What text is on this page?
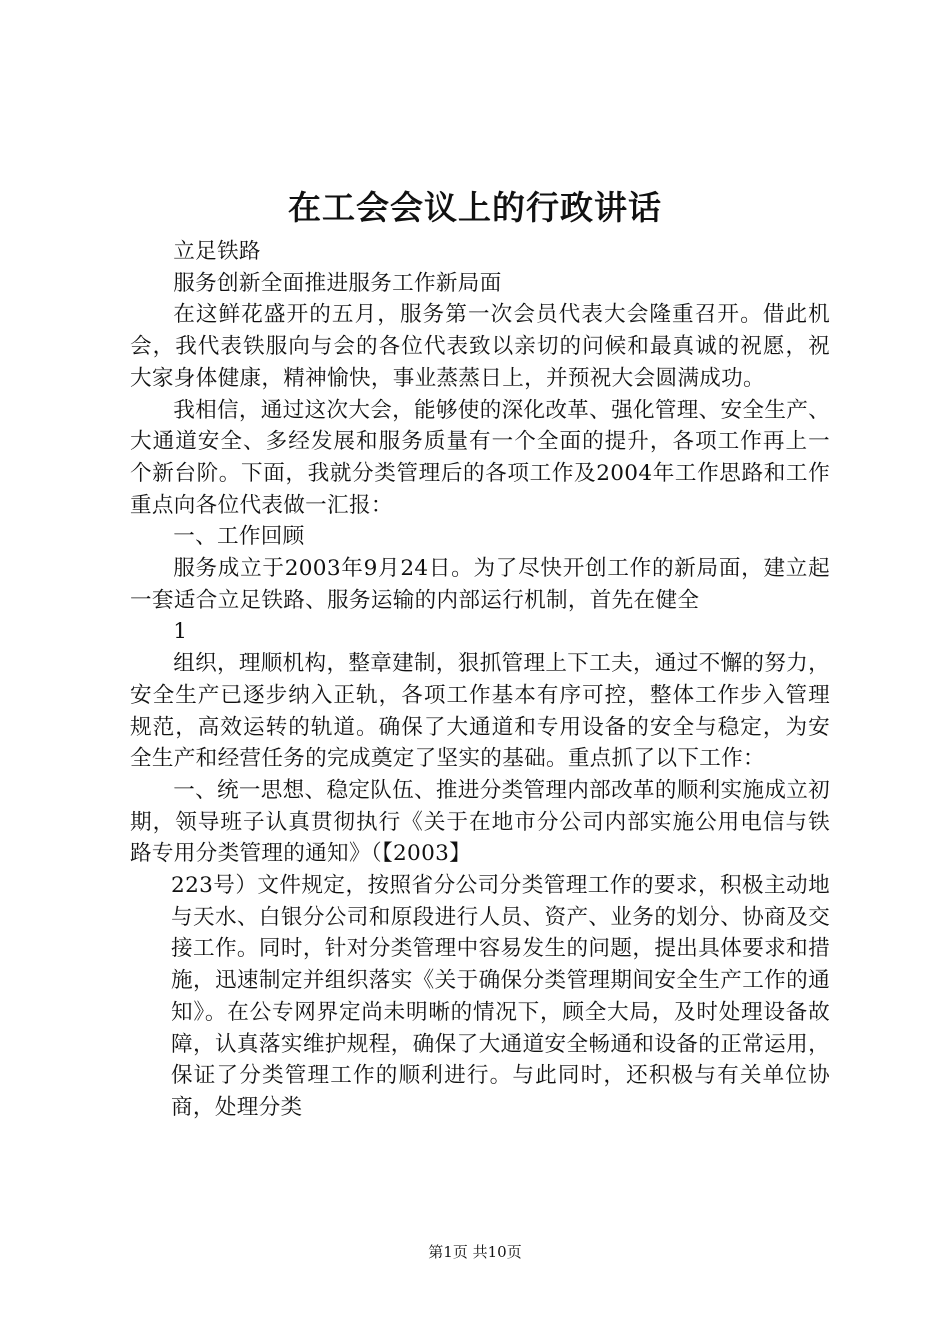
在工会会议上的行政讲话

立足铁路

服务创新全面推进服务工作新局面

在这鲜花盛开的五月，服务第一次会员代表大会隆重召开。借此机会，我代表铁服向与会的各位代表致以亲切的问候和最真诚的祝愿，祝大家身体健康，精神愉快，事业蒸蒸日上，并预祝大会圆满成功。

我相信，通过这次大会，能够使的深化改革、强化管理、安全生产、大通道安全、多经发展和服务质量有一个全面的提升，各项工作再上一个新台阶。下面，我就分类管理后的各项工作及2004年工作思路和工作重点向各位代表做一汇报：

一、工作回顾

服务成立于2003年9月24日。为了尽快开创工作的新局面，建立起一套适合立足铁路、服务运输的内部运行机制，首先在健全

1

组织，理顺机构，整章建制，狠抓管理上下工夫，通过不懈的努力，安全生产已逐步纳入正轨，各项工作基本有序可控，整体工作步入管理规范，高效运转的轨道。确保了大通道和专用设备的安全与稳定，为安全生产和经营任务的完成奠定了坚实的基础。重点抓了以下工作：

一、统一思想、稳定队伍、推进分类管理内部改革的顺利实施成立初期，领导班子认真贯彻执行《关于在地市分公司内部实施公用电信与铁路专用分类管理的通知》（【2003】

223号）文件规定，按照省分公司分类管理工作的要求，积极主动地与天水、白银分公司和原段进行人员、资产、业务的划分、协商及交接工作。同时，针对分类管理中容易发生的问题，提出具体要求和措施，迅速制定并组织落实《关于确保分类管理期间安全生产工作的通知》。在公专网界定尚未明晰的情况下，顾全大局，及时处理设备故障，认真落实维护规程，确保了大通道安全畅通和设备的正常运用，保证了分类管理工作的顺利进行。与此同时，还积极与有关单位协商，处理分类

第1页 共10页
